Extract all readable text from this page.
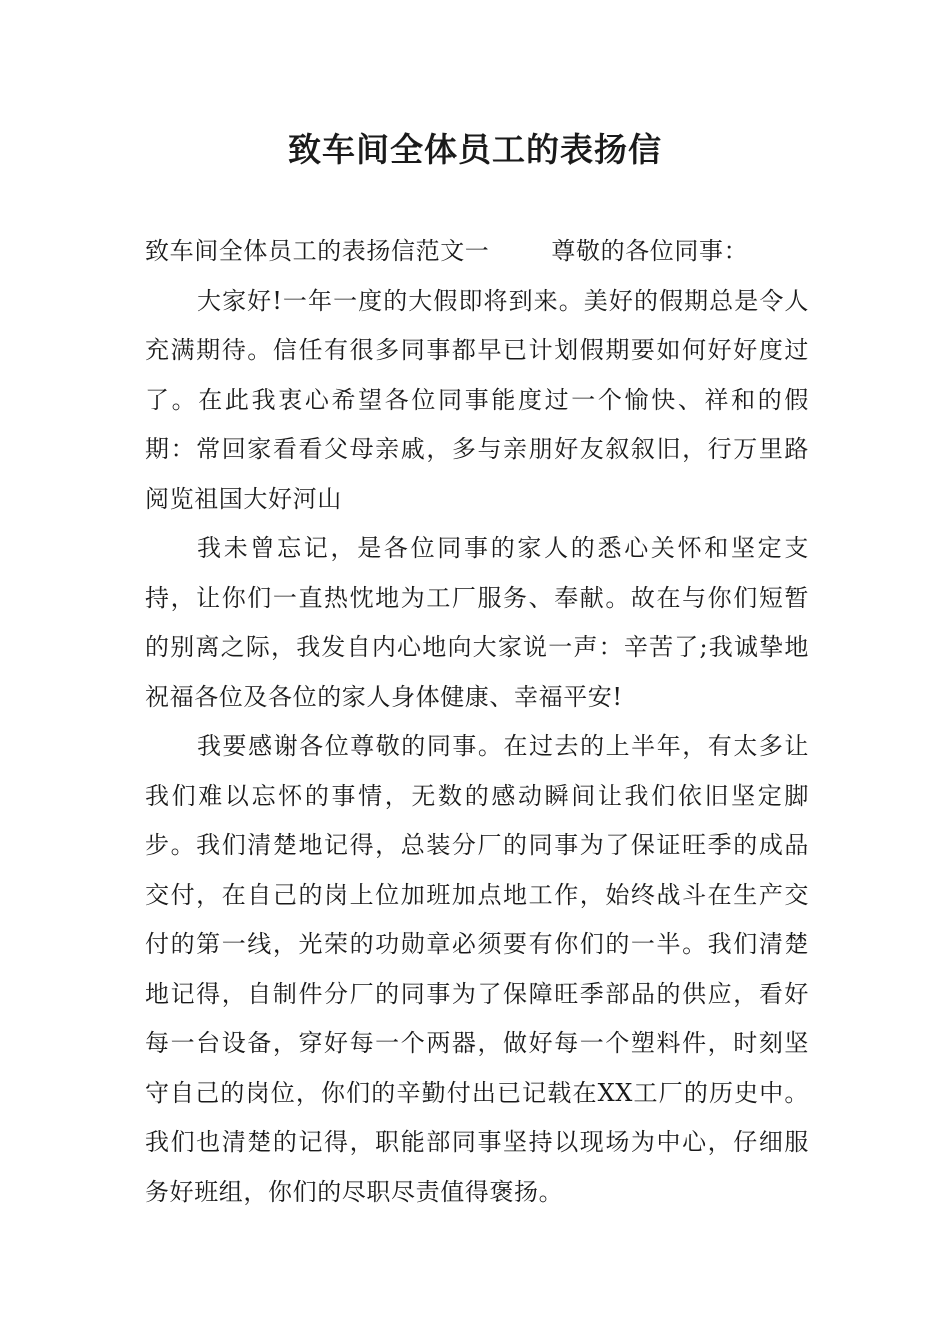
致车间全体员工的表扬信

致车间全体员工的表扬信范文一	尊敬的各位同事：

大家好!一年一度的大假即将到来。美好的假期总是令人充满期待。信任有很多同事都早已计划假期要如何好好度过了。在此我衷心希望各位同事能度过一个愉快、祥和的假期：常回家看看父母亲戚，多与亲朋好友叙叙旧，行万里路阅览祖国大好河山

我未曾忘记，是各位同事的家人的悉心关怀和坚定支持，让你们一直热忱地为工厂服务、奉献。故在与你们短暂的别离之际，我发自内心地向大家说一声：辛苦了;我诚挚地祝福各位及各位的家人身体健康、幸福平安!

我要感谢各位尊敬的同事。在过去的上半年，有太多让我们难以忘怀的事情，无数的感动瞬间让我们依旧坚定脚步。我们清楚地记得，总装分厂的同事为了保证旺季的成品交付，在自己的岗上位加班加点地工作，始终战斗在生产交付的第一线，光荣的功勋章必须要有你们的一半。我们清楚地记得，自制件分厂的同事为了保障旺季部品的供应，看好每一台设备，穿好每一个两器，做好每一个塑料件，时刻坚守自己的岗位，你们的辛勤付出已记载在XX工厂的历史中。我们也清楚的记得，职能部同事坚持以现场为中心，仔细服务好班组，你们的尽职尽责值得褒扬。
